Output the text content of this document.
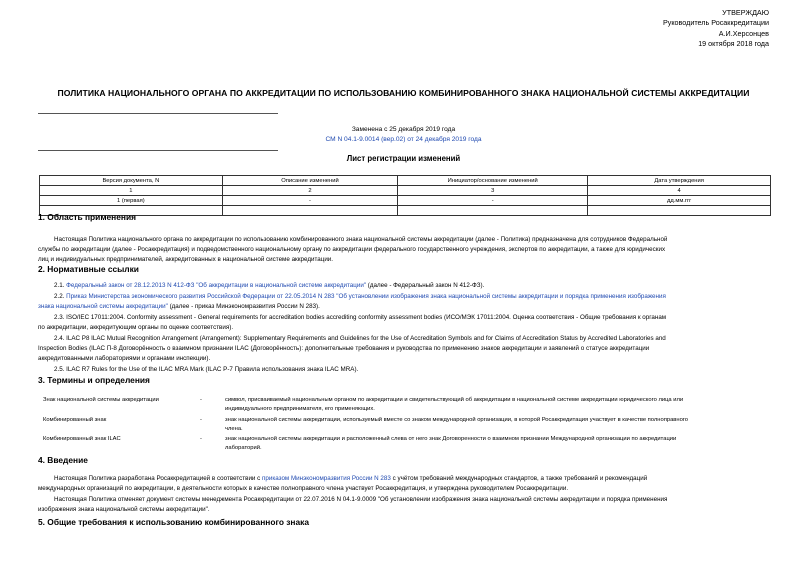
УТВЕРЖДАЮ
Руководитель Росаккредитации
А.И.Херсонцев
19 октября 2018 года
ПОЛИТИКА НАЦИОНАЛЬНОГО ОРГАНА ПО АККРЕДИТАЦИИ ПО ИСПОЛЬЗОВАНИЮ КОМБИНИРОВАННОГО ЗНАКА НАЦИОНАЛЬНОЙ СИСТЕМЫ АККРЕДИТАЦИИ
Заменена с 25 декабря 2019 года
СМ N 04.1-9.0014 (вер.02) от 24 декабря 2019 года
Лист регистрации изменений
Версия документа, N	Описание изменений	Инициатор/основание изменений	Дата утверждения
1	2	3	4
1 (первая)	-	-	дд.мм.ггг

1. Область применения
Настоящая Политика национального органа по аккредитации по использованию комбинированного знака национальной системы аккредитации (далее - Политика) предназначена для сотрудников Федеральной
службы по аккредитации (далее - Росаккредитация) и подведомственного национальному органу по аккредитации федерального государственного учреждения, экспертов по аккредитации, а также для юридических
лиц и индивидуальных предпринимателей, аккредитованных в национальной системе аккредитации.
2. Нормативные ссылки
2.1. Федеральный закон от 28.12.2013 N 412-ФЗ "Об аккредитации в национальной системе аккредитации" (далее - Федеральный закон N 412-ФЗ).
2.2. Приказ Министерства экономического развития Российской Федерации от 22.05.2014 N 283 "Об установлении изображения знака национальной системы аккредитации и порядка применения изображения
знака национальной системы аккредитации" (далее - приказ Минэкономразвития России N 283).
2.3. ISO/IEC 17011:2004. Conformity assessment - General requirements for accreditation bodies accrediting conformity assessment bodies (ИСО/МЭК 17011:2004. Оценка соответствия - Общие требования к органам
по аккредитации, аккредитующим органы по оценке соответствия).
2.4. ILAC P8 ILAC Mutual Recognition Arrangement (Arrangement): Supplementary Requirements and Guidelines for the Use of Accreditation Symbols and for Claims of Accreditation Status by Accredited Laboratories and
Inspection Bodies (ILAC П-8 Договорённость о взаимном признании ILAC (Договорённость): дополнительные требования и руководства по применению знаков аккредитации и заявлений о статусе аккредитации
аккредитованными лабораториями и органами инспекции).
2.5. ILAC R7 Rules for the Use of the ILAC MRA Mark (ILAC Р-7 Правила использования знака ILAC MRA).
3. Термины и определения
Знак национальной системы аккредитации	-	символ, присваиваемый национальным органом по аккредитации и свидетельствующий об аккредитации в национальной системе аккредитации юридического лица или
индивидуального предпринимателя, его применяющих.
Комбинированный знак	-	знак национальной системы аккредитации, используемый вместе со знаком международной организации, в которой Росаккредитация участвует в качестве полноправного
члена.
Комбинированный знак ILAC	-	знак национальной системы аккредитации и расположенный слева от него знак Договоренности о взаимном признании Международной организации по аккредитации
лабораторий.
4. Введение
Настоящая Политика разработана Росаккредитацией в соответствии с приказом Минэкономразвития России N 283 с учётом требований международных стандартов, а также требований и рекомендаций
международных организаций по аккредитации, в деятельности которых в качестве полноправного члена участвует Росаккредитация, и утверждена руководителем Росаккредитации.
Настоящая Политика отменяет документ системы менеджмента Росаккредитации от 22.07.2016 N 04.1-9.0009 "Об установлении изображения знака национальной системы аккредитации и порядка применения
изображения знака национальной системы аккредитации".
5. Общие требования к использованию комбинированного знака
